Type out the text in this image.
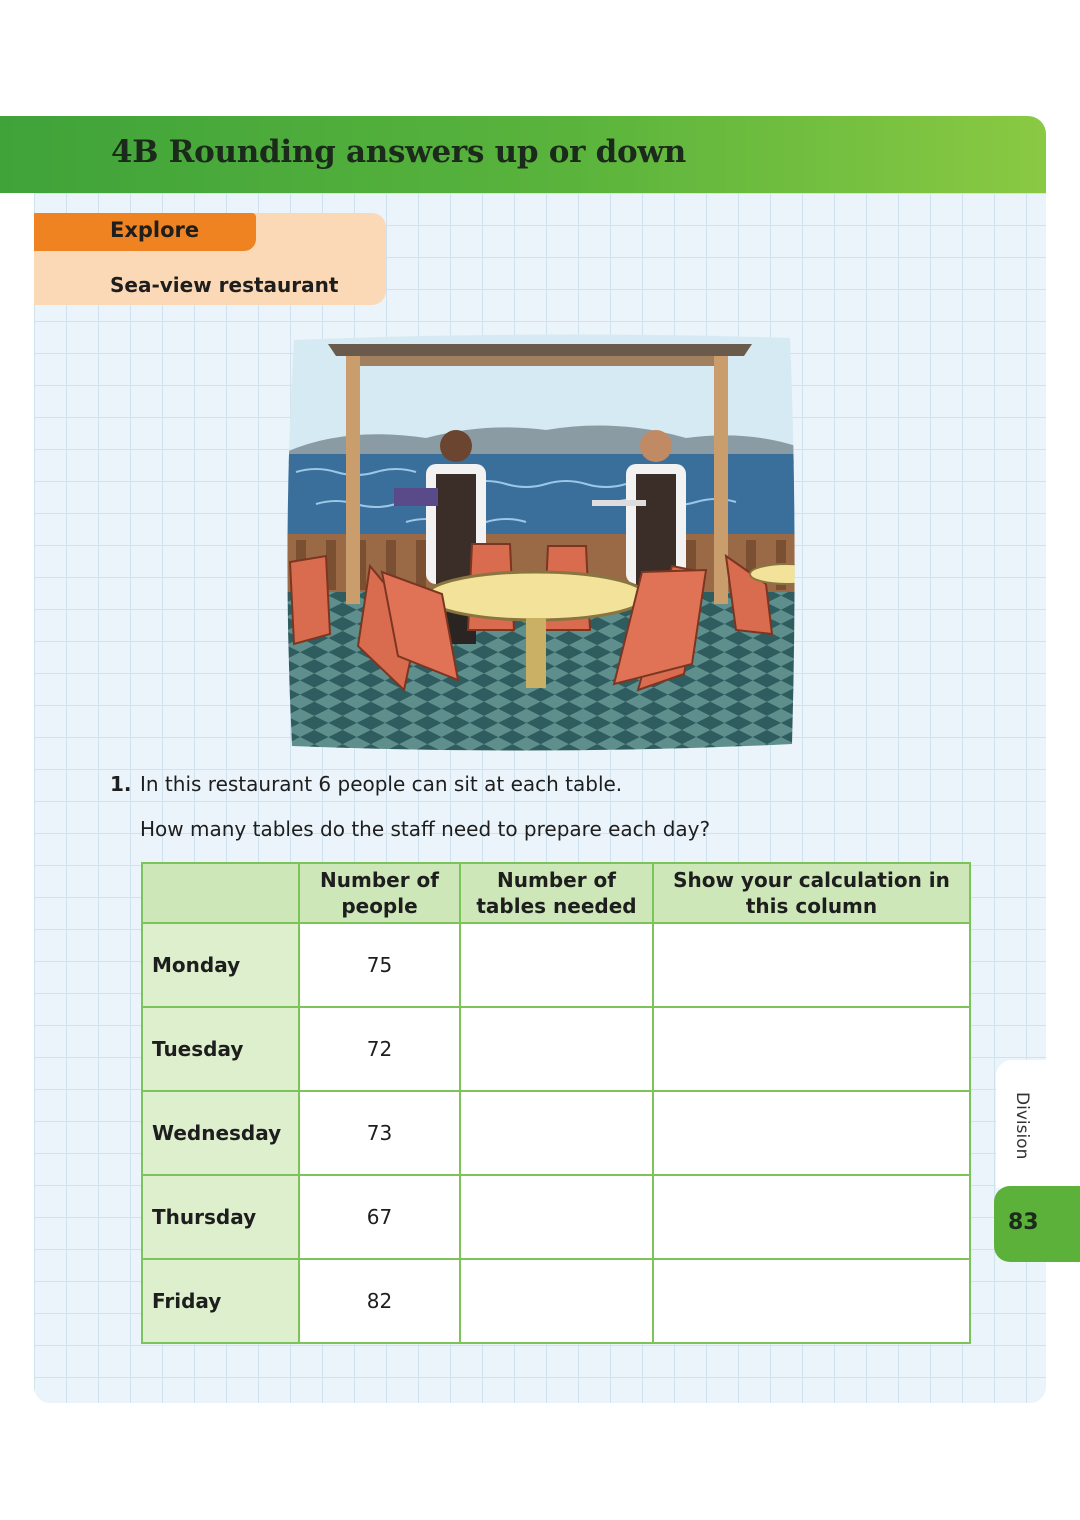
4B Rounding answers up or down
Explore
Sea-view restaurant
1. In this restaurant 6 people can sit at each table.
How many tables do the staff need to prepare each day?
	Number of people	Number of tables needed	Show your calculation in this column
Monday	75		
Tuesday	72		
Wednesday	73		
Thursday	67		
Friday	82		
Division
83
